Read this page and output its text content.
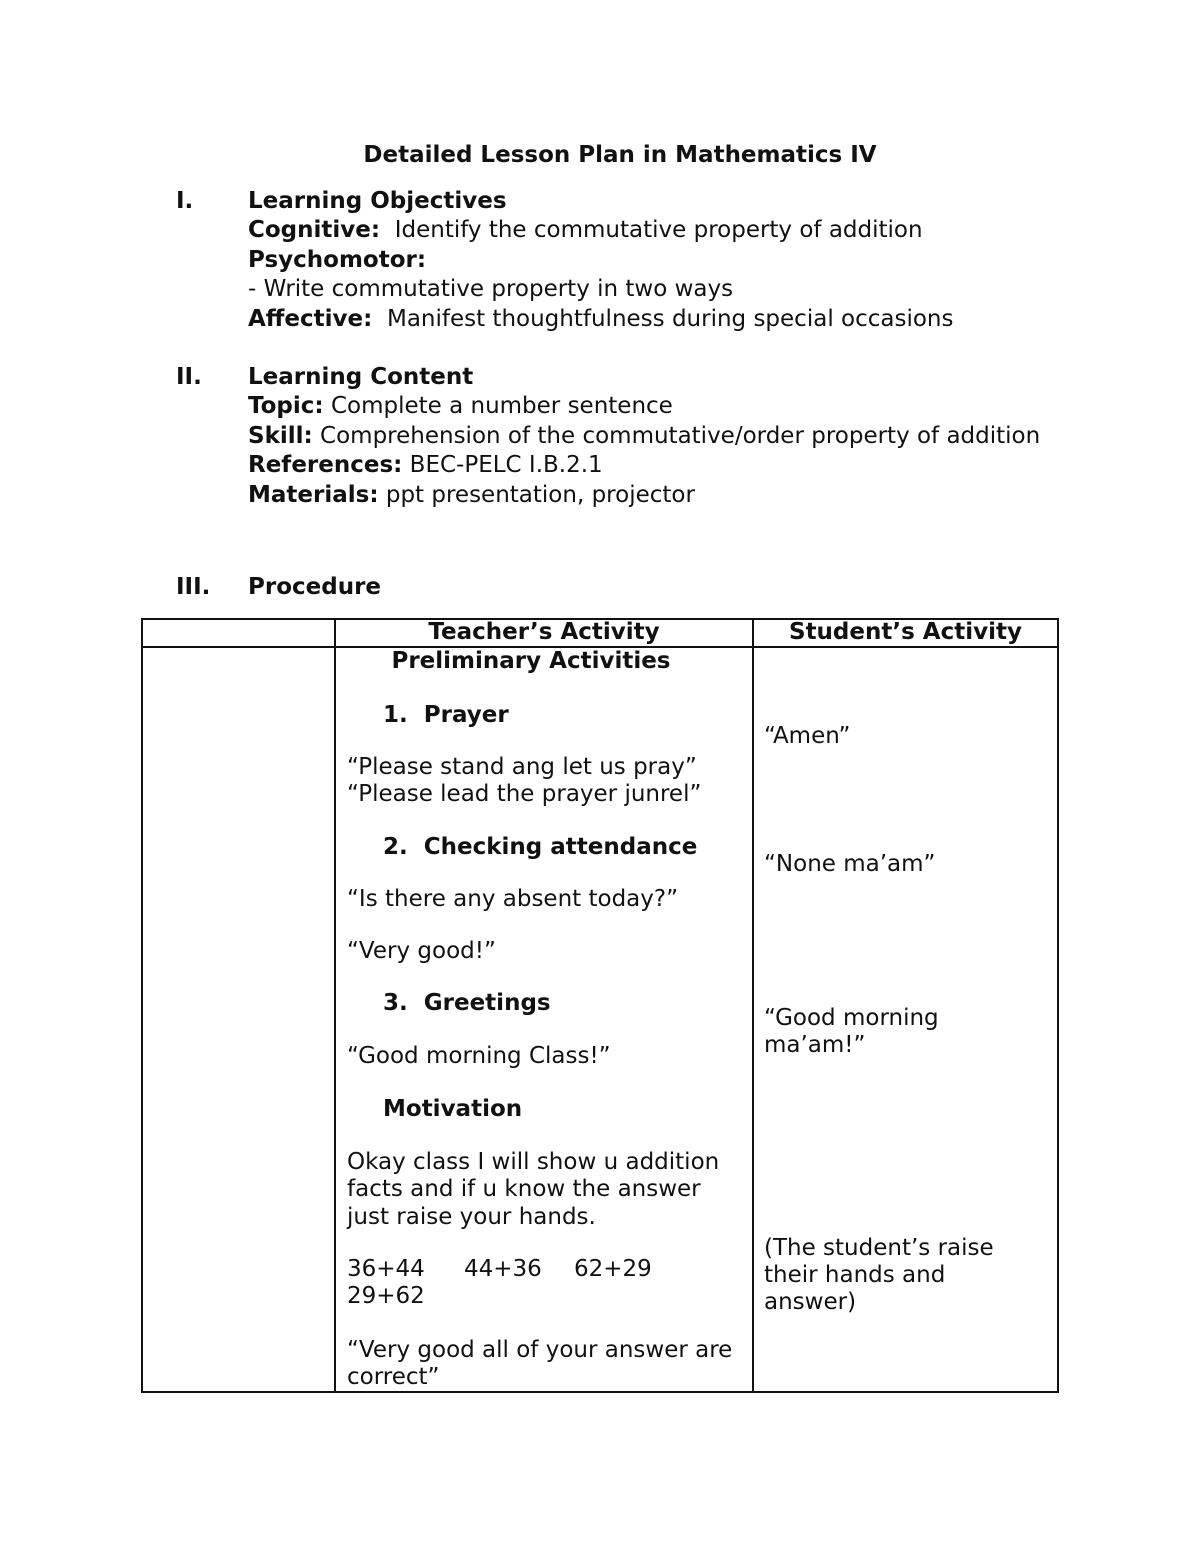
Detailed Lesson Plan in Mathematics IV
I. Learning Objectives
Cognitive: Identify the commutative property of addition
Psychomotor:
- Write commutative property in two ways
Affective: Manifest thoughtfulness during special occasions
II. Learning Content
Topic: Complete a number sentence
Skill: Comprehension of the commutative/order property of addition
References: BEC-PELC I.B.2.1
Materials: ppt presentation, projector
III. Procedure
Teacher’s Activity	Student’s Activity
Preliminary Activities
1. Prayer
“Please stand ang let us pray”
“Please lead the prayer junrel”
2. Checking attendance
“Is there any absent today?”
“Very good!”
3. Greetings
“Good morning Class!”
Motivation
Okay class I will show u addition
facts and if u know the answer
just raise your hands.
36+44 44+36 62+29
29+62
“Very good all of your answer are
correct”
“Amen”
“None ma’am”
“Good morning
ma’am!”
(The student’s raise
their hands and
answer)
